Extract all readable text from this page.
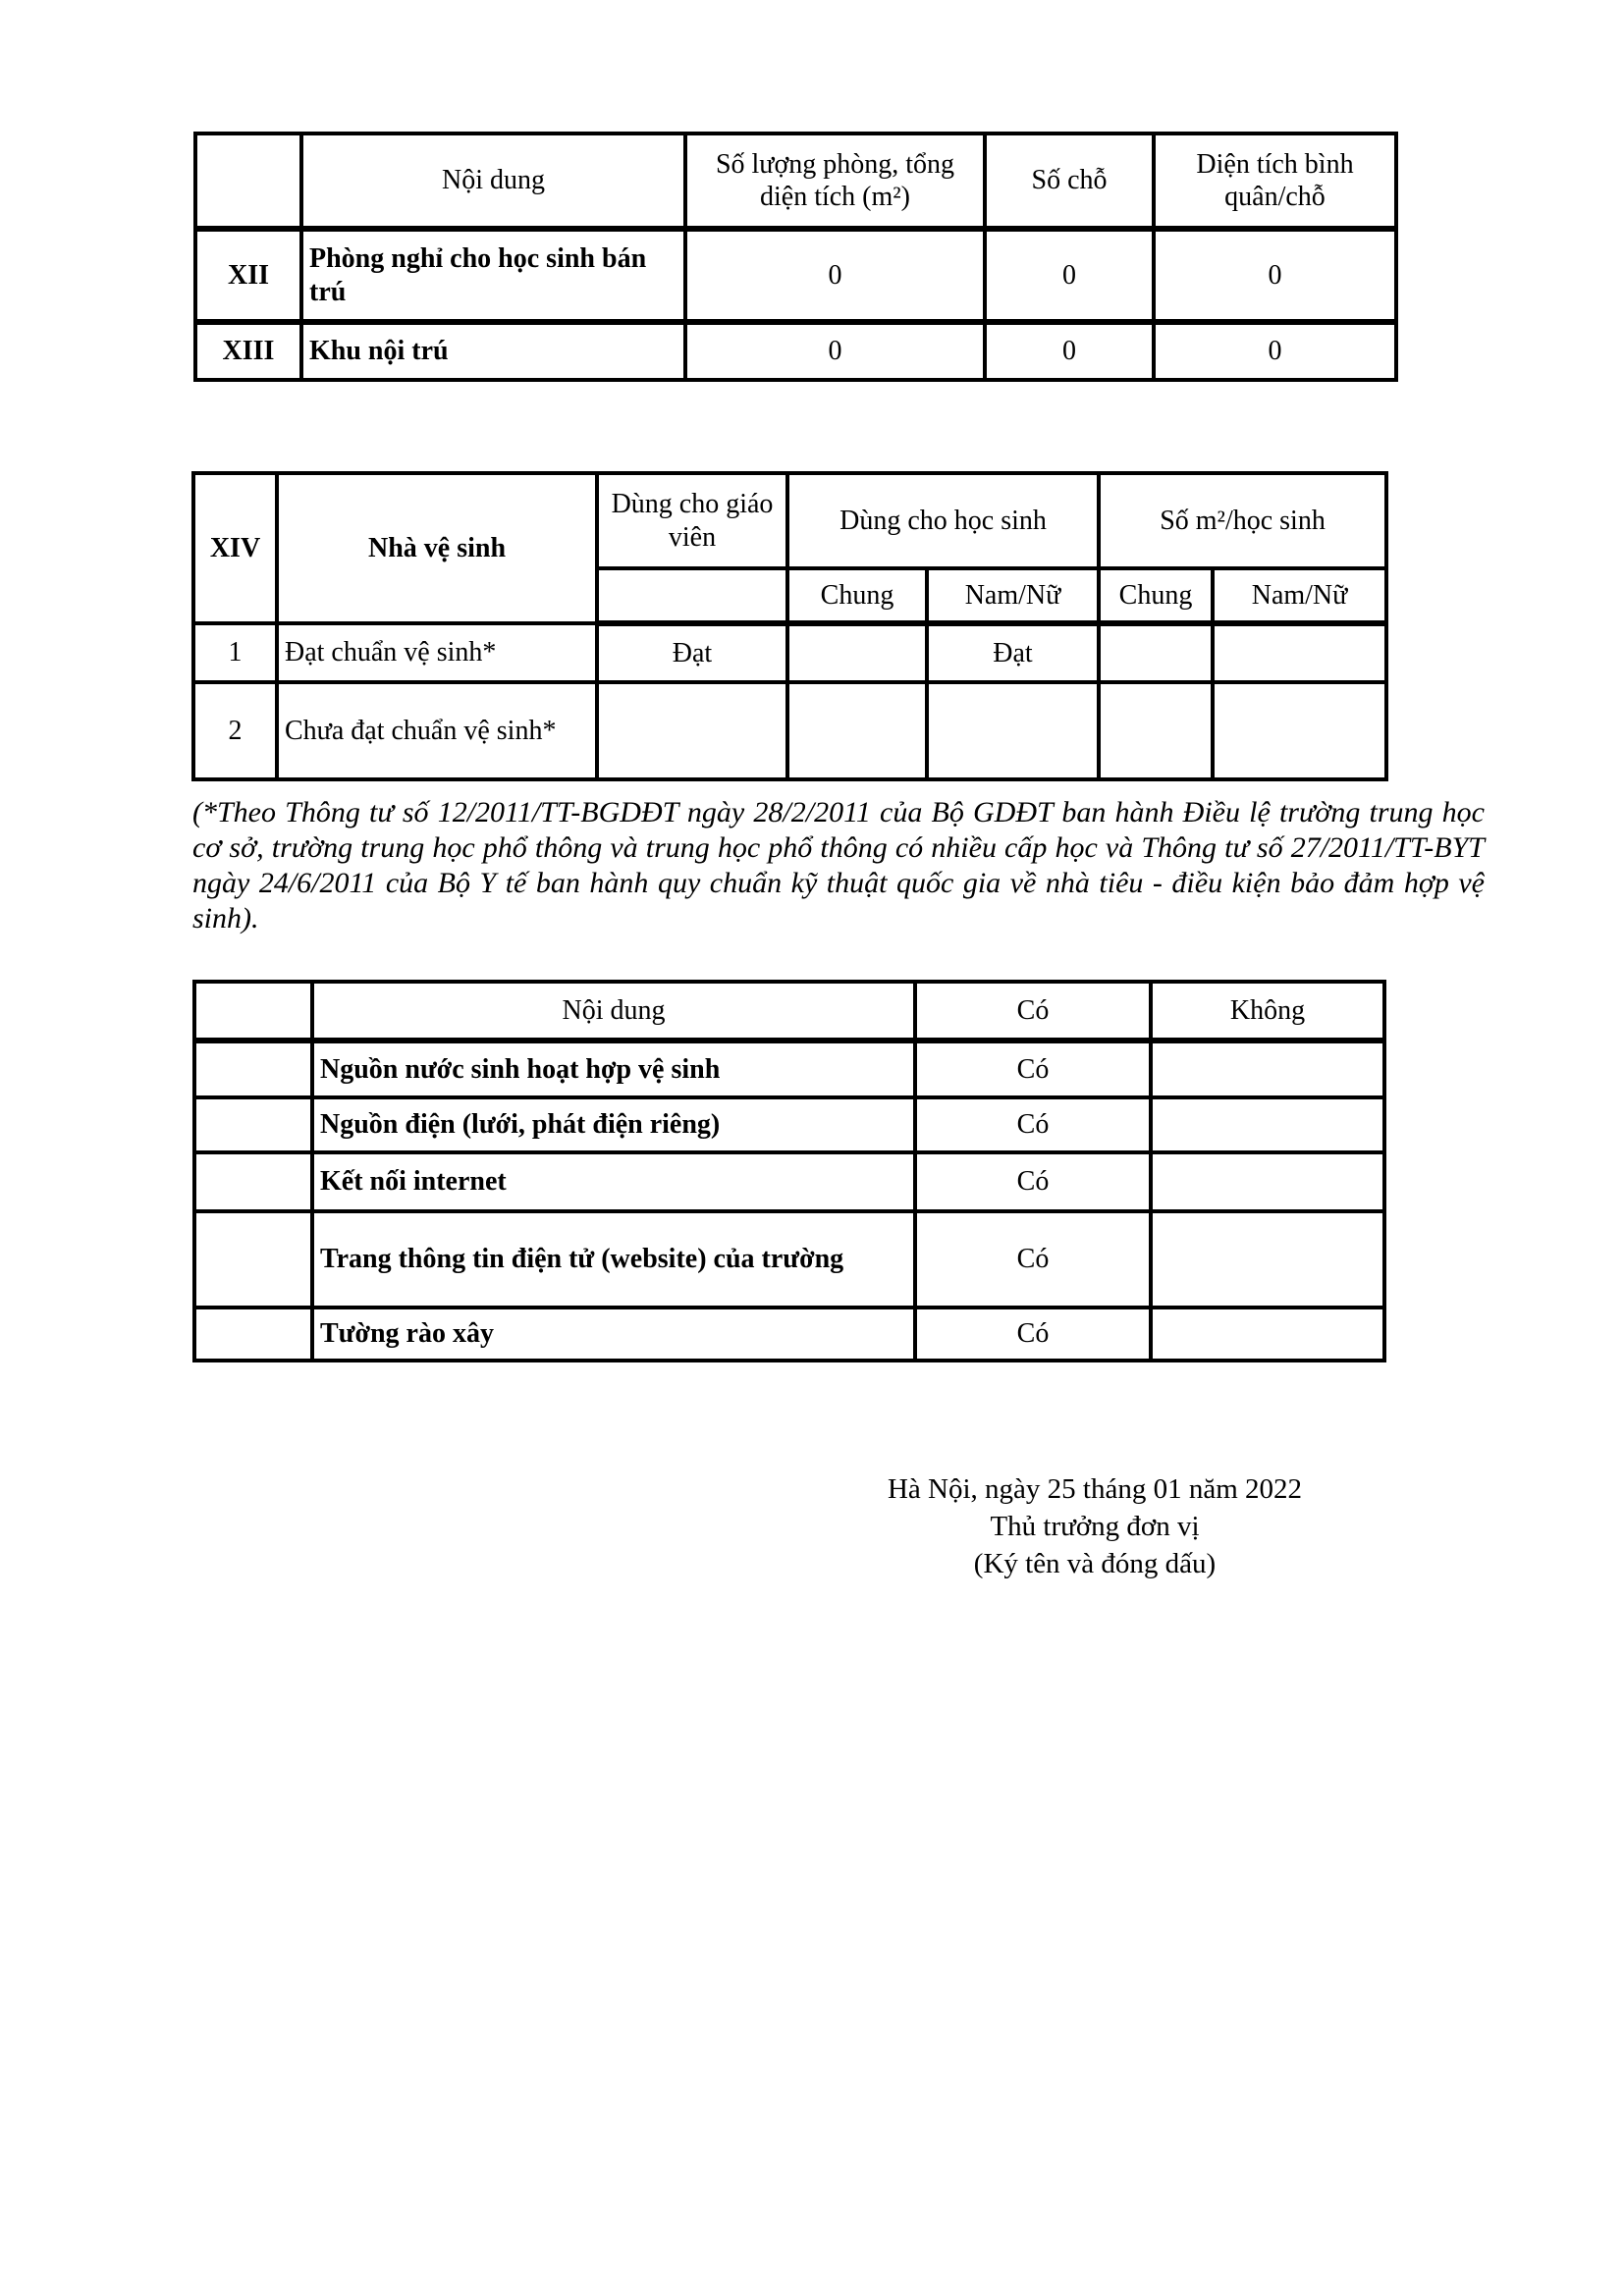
	Nội dung	Số lượng phòng, tổng diện tích (m²)	Số chỗ	Diện tích bình quân/chỗ
XII	Phòng nghỉ cho học sinh bán trú	0	0	0
XIII	Khu nội trú	0	0	0
XIV	Nhà vệ sinh	Dùng cho giáo viên	Dùng cho học sinh		Số m²/học sinh	
			Chung	Nam/Nữ	Chung	Nam/Nữ
1	Đạt chuẩn vệ sinh*	Đạt		Đạt		
2	Chưa đạt chuẩn vệ sinh*					

(*Theo Thông tư số 12/2011/TT-BGDĐT ngày 28/2/2011 của Bộ GDĐT ban hành Điều lệ trường trung học cơ sở, trường trung học phổ thông và trung học phổ thông có nhiều cấp học và Thông tư số 27/2011/TT-BYT ngày 24/6/2011 của Bộ Y tế ban hành quy chuẩn kỹ thuật quốc gia về nhà tiêu - điều kiện bảo đảm hợp vệ sinh).

	Nội dung	Có	Không
	Nguồn nước sinh hoạt hợp vệ sinh	Có	
	Nguồn điện (lưới, phát điện riêng)	Có	
	Kết nối internet	Có	
	Trang thông tin điện tử (website) của trường	Có	
	Tường rào xây	Có	
Hà Nội, ngày 25 tháng 01 năm 2022
Thủ trưởng đơn vị
(Ký tên và đóng dấu)
